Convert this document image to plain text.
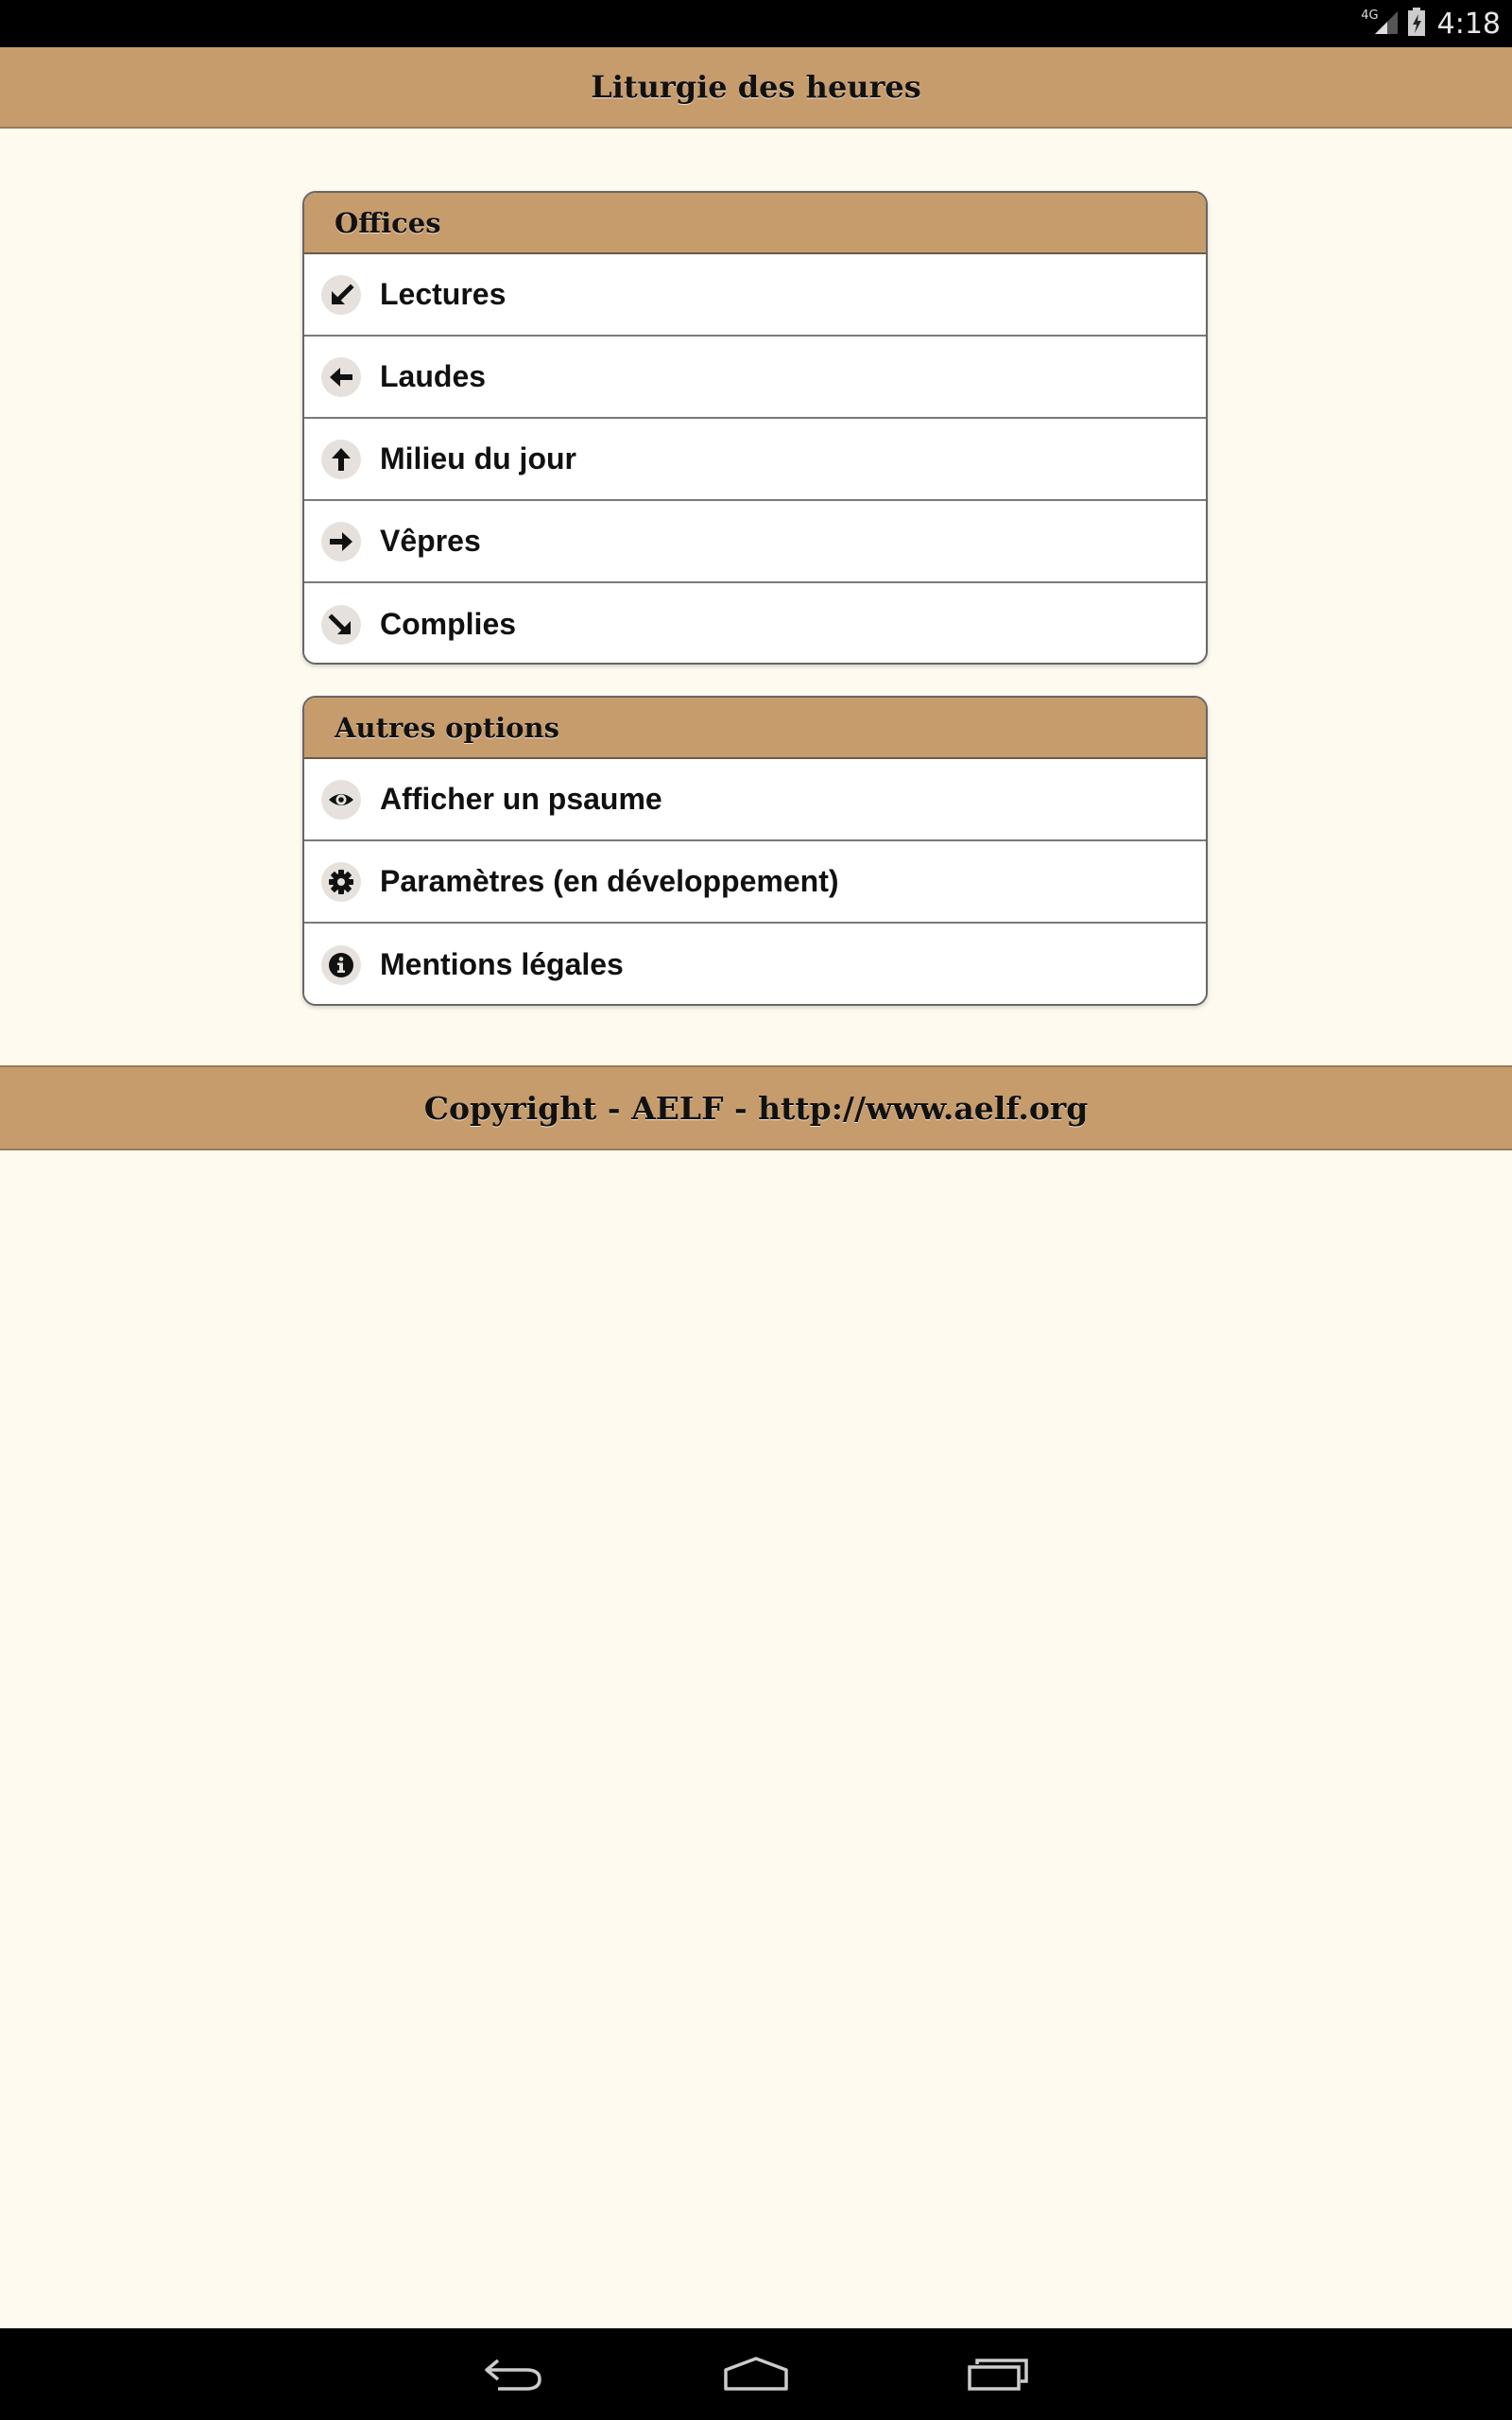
4G 4:18
Liturgie des heures
Offices
Lectures
Laudes
Milieu du jour
Vêpres
Complies
Autres options
Afficher un psaume
Paramètres (en développement)
Mentions légales
Copyright - AELF - http://www.aelf.org
